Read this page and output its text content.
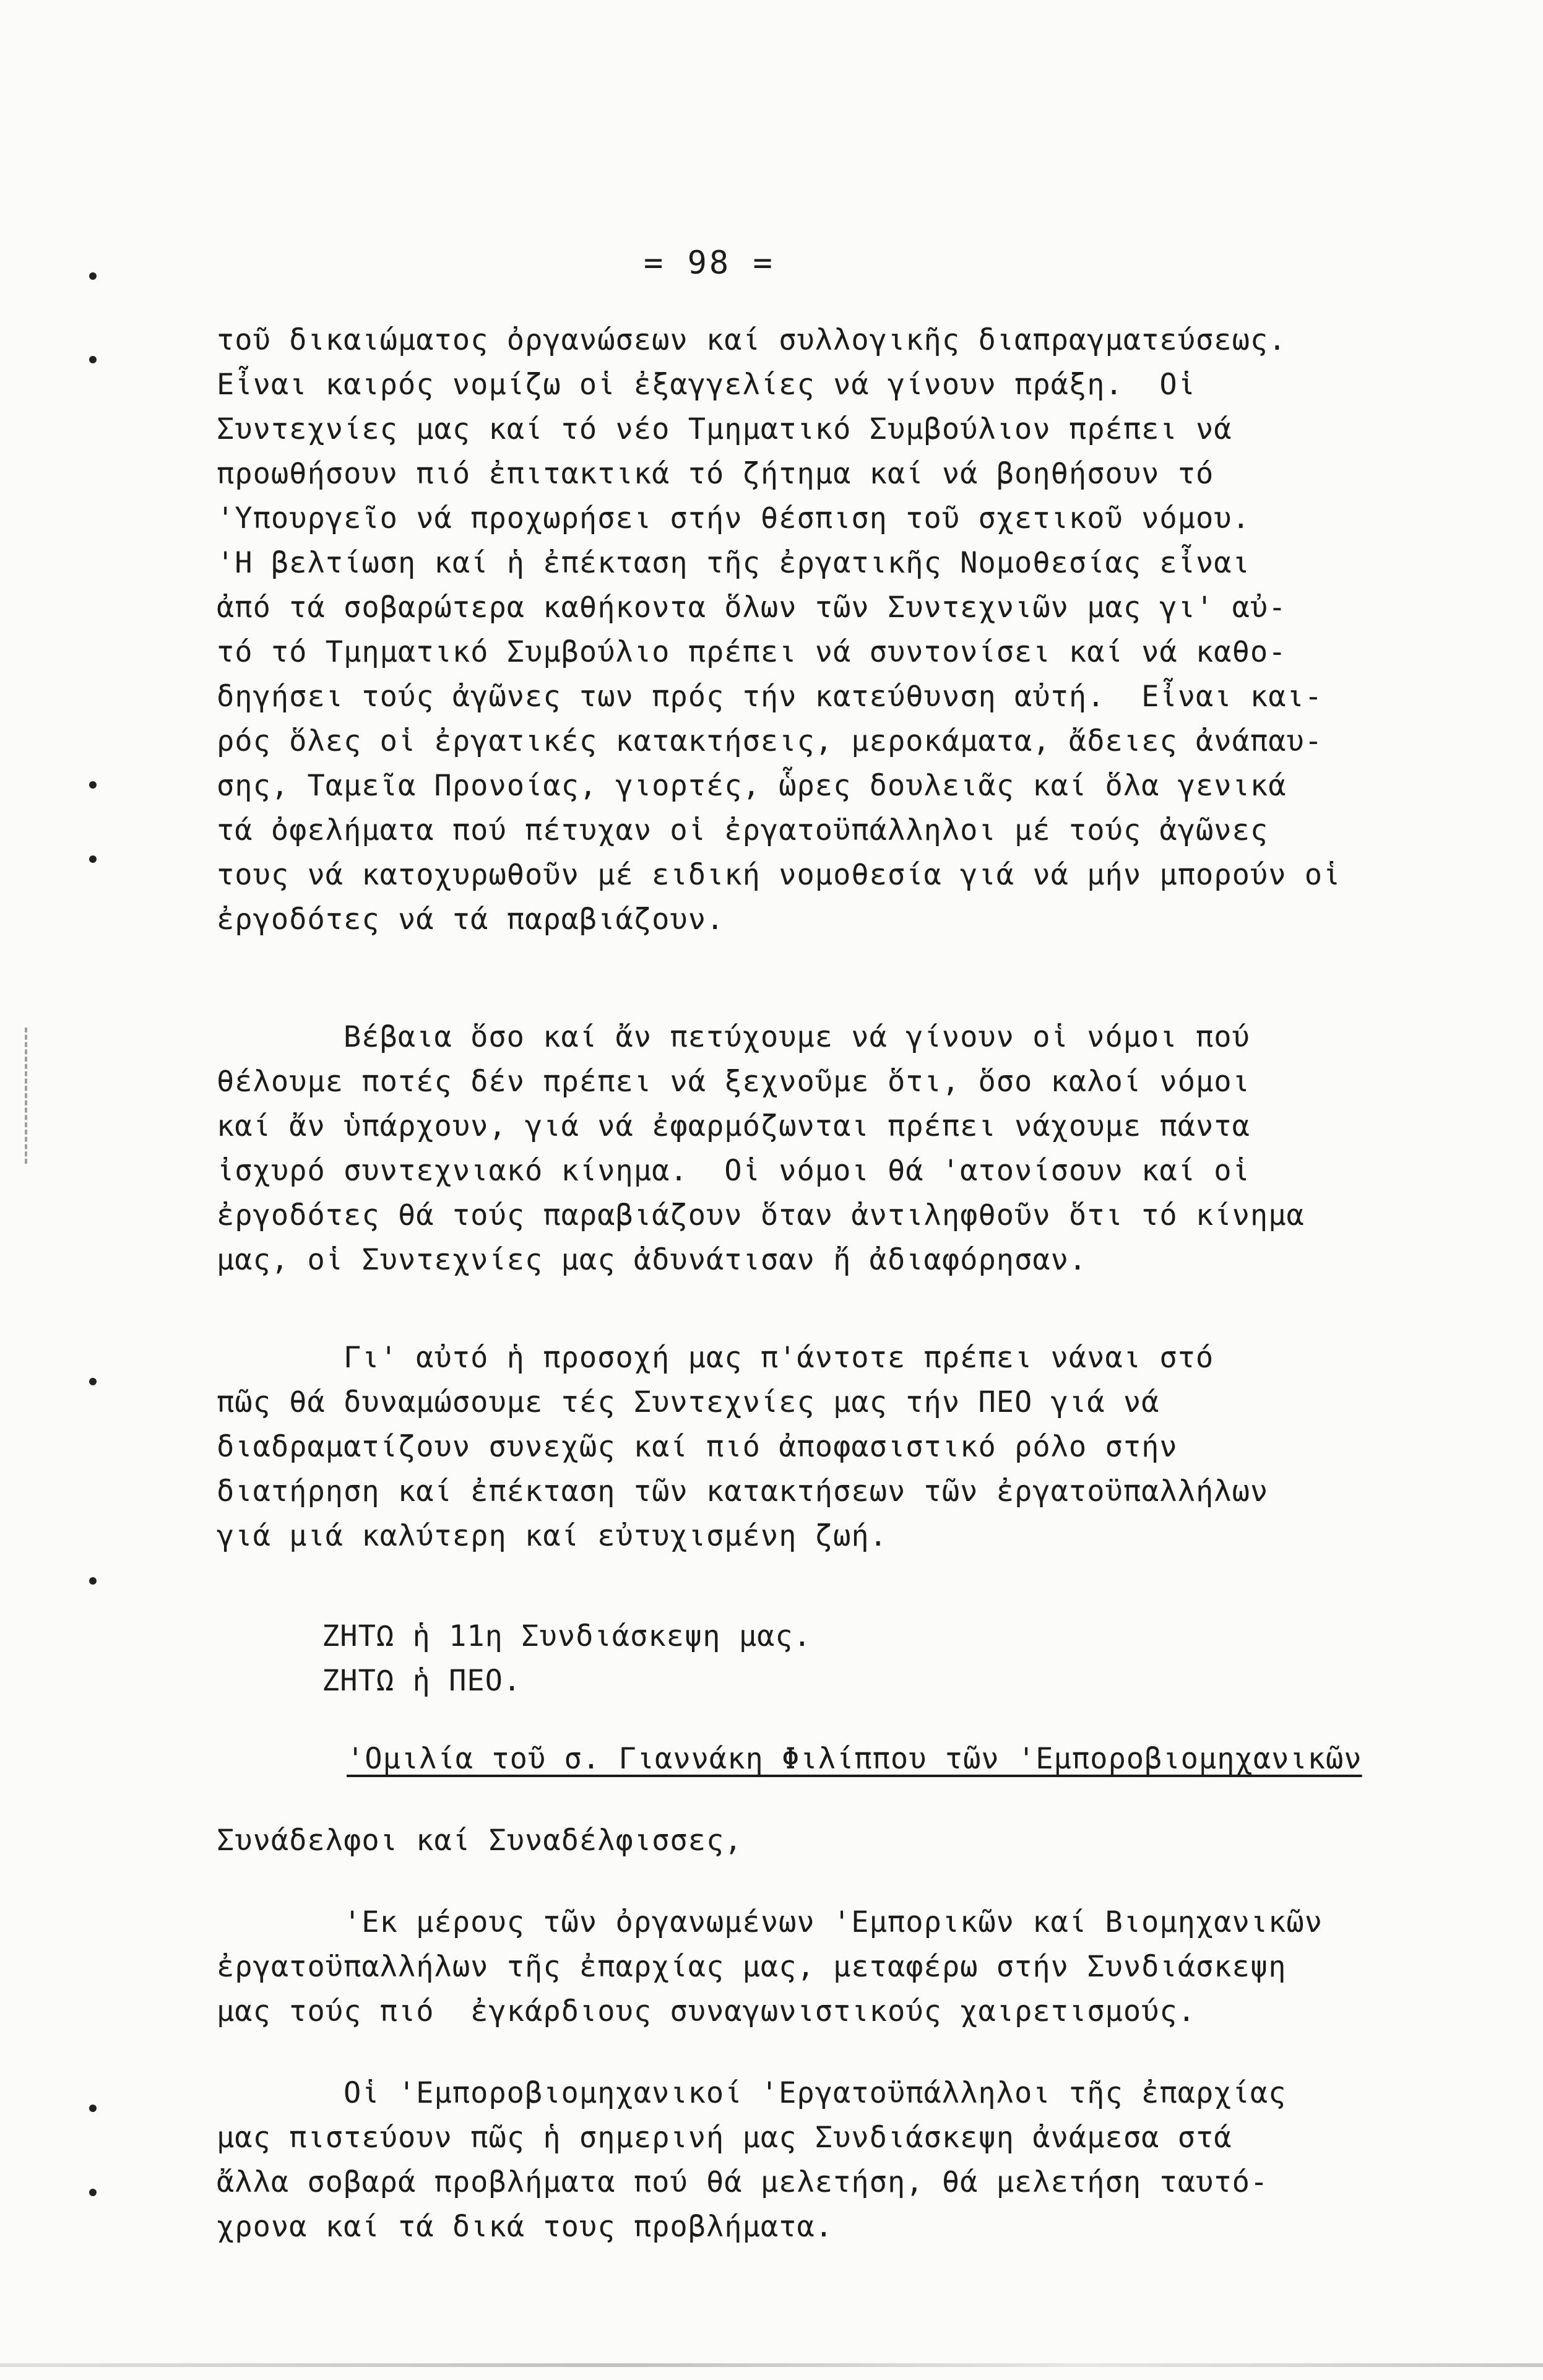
= 98 =
τοῦ δικαιώματος ὀργανώσεων καί συλλογικῆς διαπραγματεύσεως.
Εἶναι καιρός νομίζω οἱ ἐξαγγελίες νά γίνουν πράξη.  Οἱ
Συντεχνίες μας καί τό νέο Τμηματικό Συμβούλιον πρέπει νά
προωθήσουν πιό ἐπιτακτικά τό ζήτημα καί νά βοηθήσουν τό
'Υπουργεῖο νά προχωρήσει στήν θέσπιση τοῦ σχετικοῦ νόμου.
'Η βελτίωση καί ἡ ἐπέκταση τῆς ἐργατικῆς Νομοθεσίας εἶναι
ἀπό τά σοβαρώτερα καθήκοντα ὅλων τῶν Συντεχνιῶν μας γι' αὐ-
τό τό Τμηματικό Συμβούλιο πρέπει νά συντονίσει καί νά καθο-
δηγήσει τούς ἀγῶνες των πρός τήν κατεύθυνση αὐτή.  Εἶναι και-
ρός ὅλες οἱ ἐργατικές κατακτήσεις, μεροκάματα, ἄδειες ἀνάπαυ-
σης, Ταμεῖα Προνοίας, γιορτές, ὧρες δουλειᾶς καί ὅλα γενικά
τά ὀφελήματα πού πέτυχαν οἱ ἐργατοϋπάλληλοι μέ τούς ἀγῶνες
τους νά κατοχυρωθοῦν μέ ειδική νομοθεσία γιά νά μήν μπορούν οἱ
ἐργοδότες νά τά παραβιάζουν.
Βέβαια ὅσο καί ἄν πετύχουμε νά γίνουν οἱ νόμοι πού
θέλουμε ποτές δέν πρέπει νά ξεχνοῦμε ὅτι, ὅσο καλοί νόμοι
καί ἄν ὑπάρχουν, γιά νά ἐφαρμόζωνται πρέπει νάχουμε πάντα
ἰσχυρό συντεχνιακό κίνημα.  Οἱ νόμοι θά 'ατονίσουν καί οἱ
ἐργοδότες θά τούς παραβιάζουν ὅταν ἀντιληφθοῦν ὅτι τό κίνημα
μας, οἱ Συντεχνίες μας ἀδυνάτισαν ἤ ἀδιαφόρησαν.
Γι' αὐτό ἡ προσοχή μας π'άντοτε πρέπει νάναι στό
πῶς θά δυναμώσουμε τές Συντεχνίες μας τήν ΠΕΟ γιά νά
διαδραματίζουν συνεχῶς καί πιό ἀποφασιστικό ρόλο στήν
διατήρηση καί ἐπέκταση τῶν κατακτήσεων τῶν ἐργατοϋπαλλήλων
γιά μιά καλύτερη καί εὐτυχισμένη ζωή.
ΖΗΤΩ ἡ 11η Συνδιάσκεψη μας.
ΖΗΤΩ ἡ ΠΕΟ.
'Ομιλία τοῦ σ. Γιαννάκη Φιλίππου τῶν 'Εμποροβιομηχανικῶν
Συνάδελφοι καί Συναδέλφισσες,
'Εκ μέρους τῶν ὀργανωμένων 'Εμπορικῶν καί Βιομηχανικῶν
ἐργατοϋπαλλήλων τῆς ἐπαρχίας μας, μεταφέρω στήν Συνδιάσκεψη
μας τούς πιό  ἐγκάρδιους συναγωνιστικούς χαιρετισμούς.
Οἱ 'Εμποροβιομηχανικοί 'Εργατοϋπάλληλοι τῆς ἐπαρχίας
μας πιστεύουν πῶς ἡ σημερινή μας Συνδιάσκεψη ἀνάμεσα στά
ἄλλα σοβαρά προβλήματα πού θά μελετήση, θά μελετήση ταυτό-
χρονα καί τά δικά τους προβλήματα.
